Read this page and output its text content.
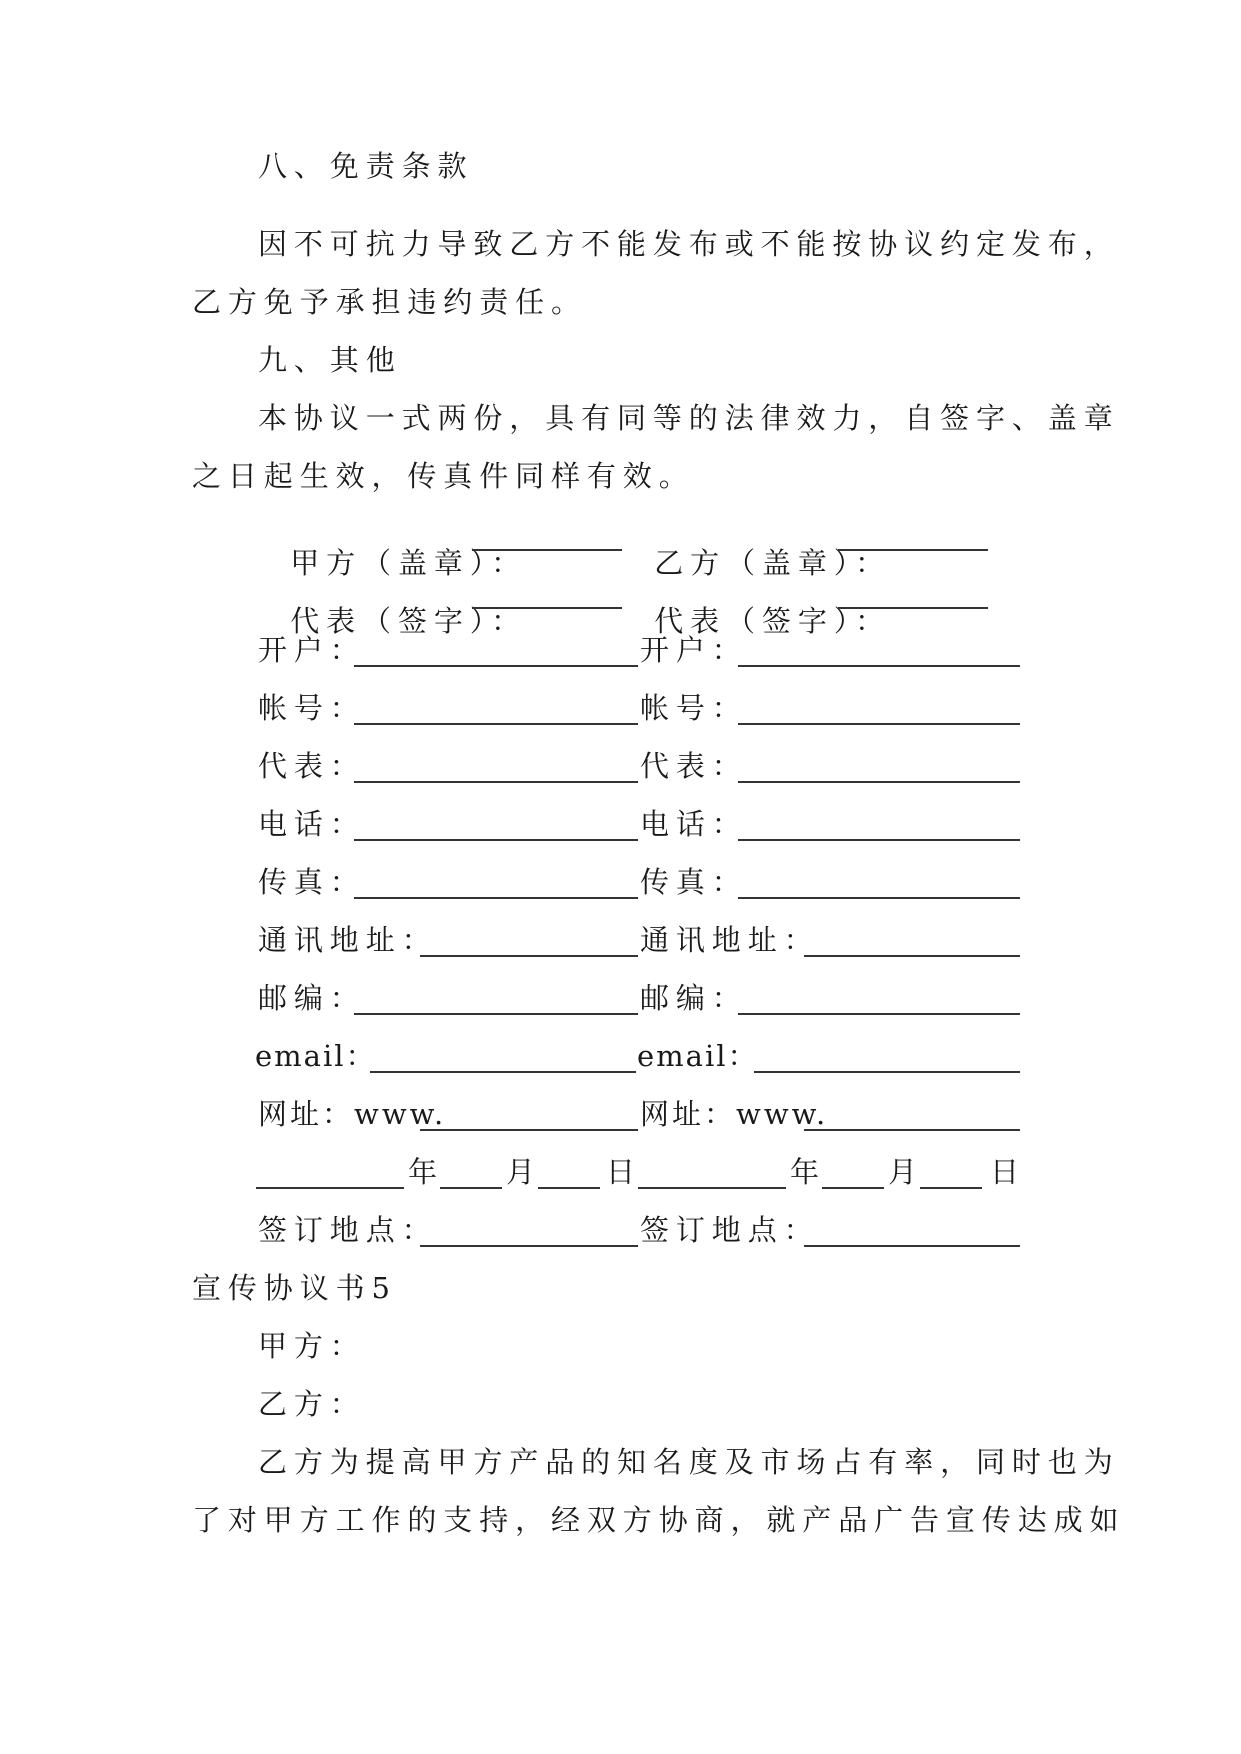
八、免责条款
因不可抗力导致乙方不能发布或不能按协议约定发布，
乙方免予承担违约责任。
九、其他
本协议一式两份，具有同等的法律效力，自签字、盖章
之日起生效，传真件同样有效。

甲方（盖章）：	乙方（盖章）：

代表（签字）：	代表（签字）：

开户：	开户：
帐号：	帐号：
代表：	代表：
电话：	电话：
传真：	传真：
通讯地址：	通讯地址：
邮编：	邮编：
email：	email：
网址：www.	网址：www.
年 月 日	年 月 日
签订地点：	签订地点：
宣传协议书5
甲方：
乙方：
乙方为提高甲方产品的知名度及市场占有率，同时也为
了对甲方工作的支持，经双方协商，就产品广告宣传达成如
